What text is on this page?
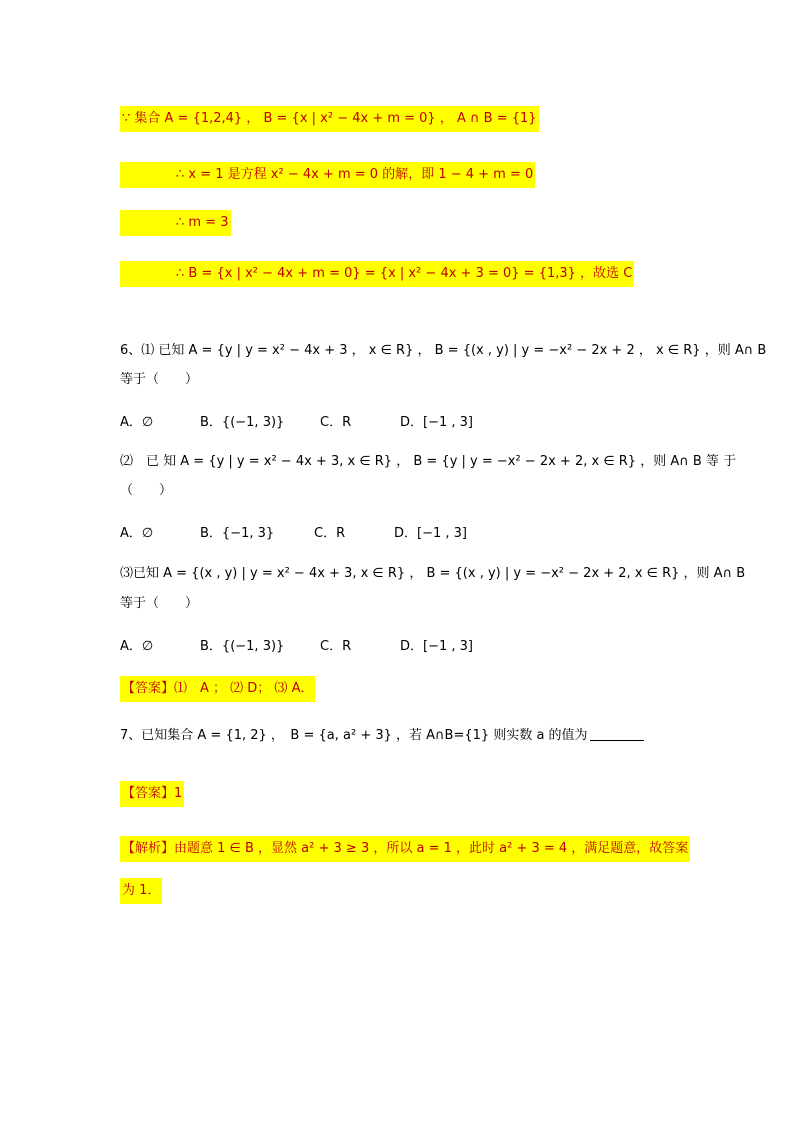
∵ 集合 A = {1,2,4} ， B = {x | x² − 4x + m = 0} ， A ∩ B = {1}
∴ x = 1 是方程 x² − 4x + m = 0 的解，即 1 − 4 + m = 0
∴ m = 3
∴ B = {x | x² − 4x + m = 0} = {x | x² − 4x + 3 = 0} = {1,3} ，故选 C
6、⑴ 已知 A = {y | y = x² − 4x + 3 ， x ∈ R} ， B = {(x , y) | y = −x² − 2x + 2 ， x ∈ R} ，则 A∩ B
等于（　　）
A．∅	B．{(−1, 3)}	C．R	D．[−1 , 3]
⑵　已 知 A = {y | y = x² − 4x + 3, x ∈ R} ， B = {y | y = −x² − 2x + 2, x ∈ R} ，则 A∩ B 等 于
（　　）
A．∅	B．{−1, 3}	C．R	D．[−1 , 3]
⑶已知 A = {(x , y) | y = x² − 4x + 3, x ∈ R} ， B = {(x , y) | y = −x² − 2x + 2, x ∈ R} ，则 A∩ B
等于（　　）
A．∅	B．{(−1, 3)}	C．R	D．[−1 , 3]
【答案】⑴　A ； ⑵ D； ⑶ A．
7、已知集合 A = {1, 2} ，　B = {a, a² + 3} ，若 A∩B={1} 则实数 a 的值为
【答案】1
【解析】由题意 1 ∈ B ，显然 a² + 3 ≥ 3 ，所以 a = 1 ，此时 a² + 3 = 4 ，满足题意，故答案
为 1．
